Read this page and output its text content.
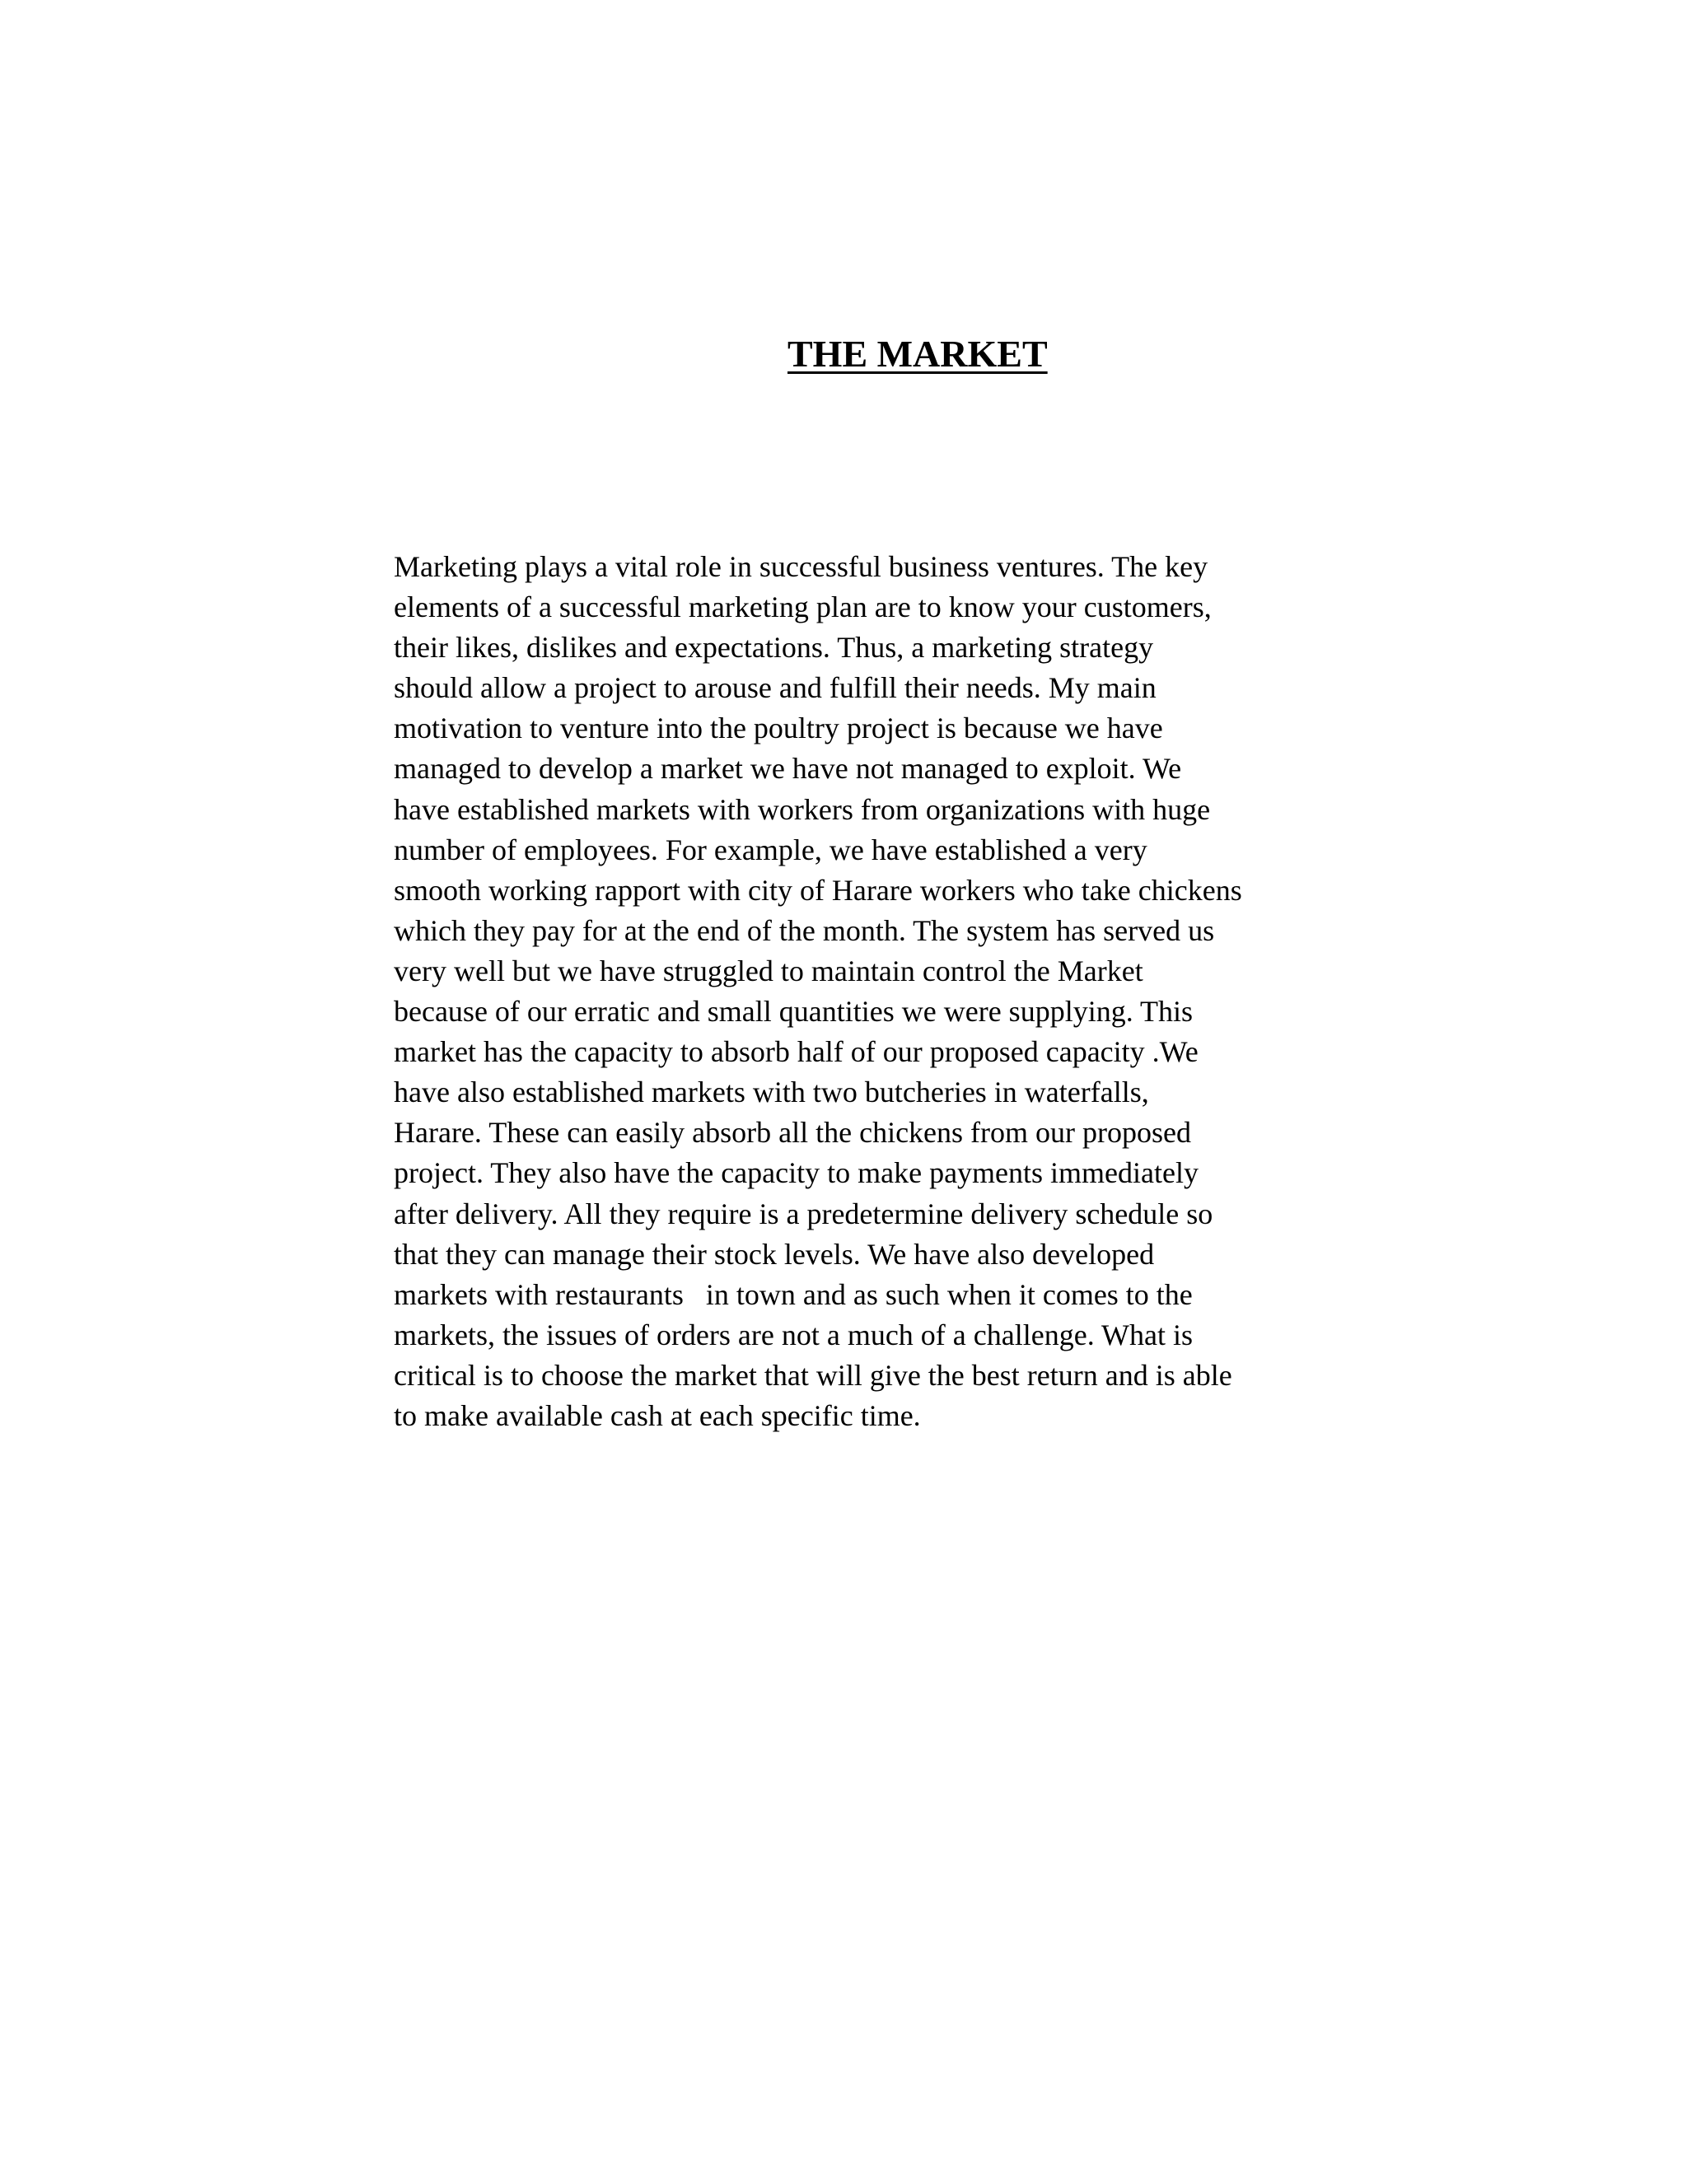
THE MARKET
Marketing plays a vital role in successful business ventures. The key
elements of a successful marketing plan are to know your customers,
their likes, dislikes and expectations. Thus, a marketing strategy
should allow a project to arouse and fulfill their needs. My main
motivation to venture into the poultry project is because we have
managed to develop a market we have not managed to exploit. We
have established markets with workers from organizations with huge
number of employees. For example, we have established a very
smooth working rapport with city of Harare workers who take chickens
which they pay for at the end of the month. The system has served us
very well but we have struggled to maintain control the Market
because of our erratic and small quantities we were supplying. This
market has the capacity to absorb half of our proposed capacity .We
have also established markets with two butcheries in waterfalls,
Harare. These can easily absorb all the chickens from our proposed
project. They also have the capacity to make payments immediately
after delivery. All they require is a predetermine delivery schedule so
that they can manage their stock levels. We have also developed
markets with restaurants   in town and as such when it comes to the
markets, the issues of orders are not a much of a challenge. What is
critical is to choose the market that will give the best return and is able
to make available cash at each specific time.
